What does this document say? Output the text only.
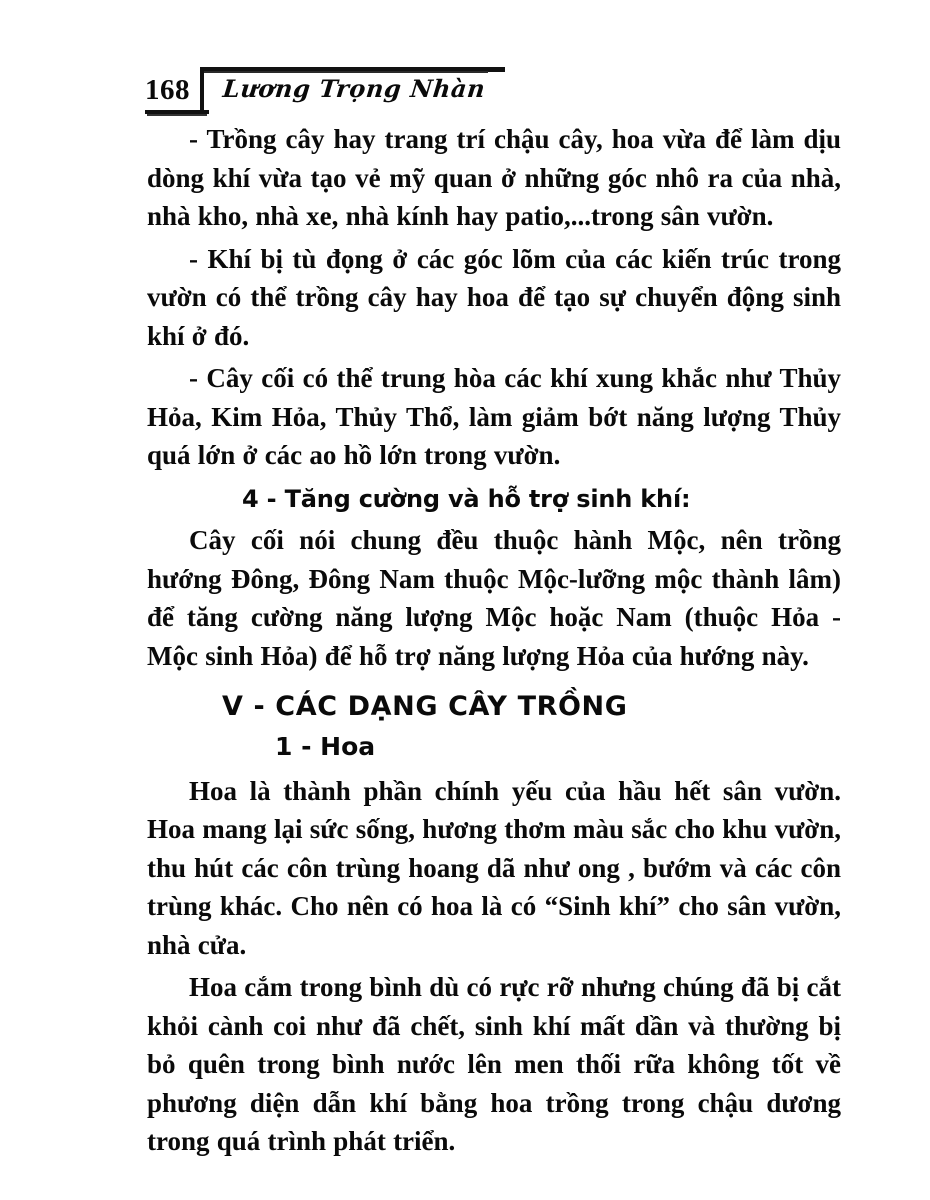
168 Lương Trọng Nhàn

- Trồng cây hay trang trí chậu cây, hoa vừa để làm dịu dòng khí vừa tạo vẻ mỹ quan ở những góc nhô ra của nhà, nhà kho, nhà xe, nhà kính hay patio,...trong sân vườn.

- Khí bị tù đọng ở các góc lõm của các kiến trúc trong vườn có thể trồng cây hay hoa để tạo sự chuyển động sinh khí ở đó.

- Cây cối có thể trung hòa các khí xung khắc như Thủy Hỏa, Kim Hỏa, Thủy Thổ, làm giảm bớt năng lượng Thủy quá lớn ở các ao hồ lớn trong vườn.

4 - Tăng cường và hỗ trợ sinh khí:

Cây cối nói chung đều thuộc hành Mộc, nên trồng hướng Đông, Đông Nam thuộc Mộc-lưỡng mộc thành lâm) để tăng cường năng lượng Mộc hoặc Nam (thuộc Hỏa - Mộc sinh Hỏa) để hỗ trợ năng lượng Hỏa của hướng này.

V - CÁC DẠNG CÂY TRỒNG
1 - Hoa

Hoa là thành phần chính yếu của hầu hết sân vườn. Hoa mang lại sức sống, hương thơm màu sắc cho khu vườn, thu hút các côn trùng hoang dã như ong , bướm và các côn trùng khác. Cho nên có hoa là có “Sinh khí” cho sân vườn, nhà cửa.

Hoa cắm trong bình dù có rực rỡ nhưng chúng đã bị cắt khỏi cành coi như đã chết, sinh khí mất dần và thường bị bỏ quên trong bình nước lên men thối rữa không tốt về phương diện dẫn khí bằng hoa trồng trong chậu dương trong quá trình phát triển.
